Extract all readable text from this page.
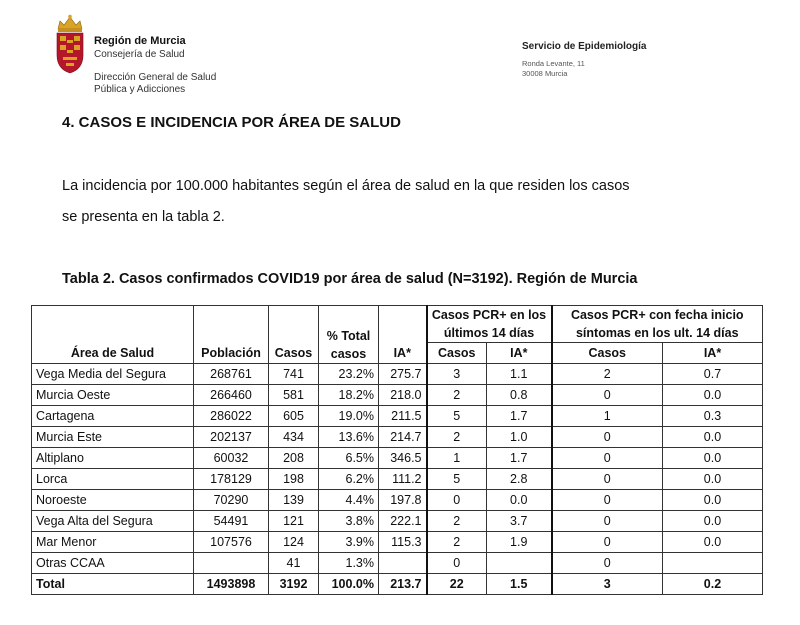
Región de Murcia
Consejería de Salud
Dirección General de Salud
Pública y Adicciones
Servicio de Epidemiología
Ronda Levante, 11
30008 Murcia
4. CASOS E INCIDENCIA POR ÁREA DE SALUD
La incidencia por 100.000 habitantes según el área de salud en la que residen los casos
se presenta en la tabla 2.
Tabla 2. Casos confirmados COVID19 por área de salud (N=3192). Región de Murcia
Área de Salud	Población	Casos	% Total casos	IA*	Casos PCR+ en los últimos 14 días		Casos PCR+ con fecha inicio síntomas en los ult. 14 días	
					Casos	IA*	Casos	IA*
Vega Media del Segura	268761	741	23.2%	275.7	3	1.1	2	0.7
Murcia Oeste	266460	581	18.2%	218.0	2	0.8	0	0.0
Cartagena	286022	605	19.0%	211.5	5	1.7	1	0.3
Murcia Este	202137	434	13.6%	214.7	2	1.0	0	0.0
Altiplano	60032	208	6.5%	346.5	1	1.7	0	0.0
Lorca	178129	198	6.2%	111.2	5	2.8	0	0.0
Noroeste	70290	139	4.4%	197.8	0	0.0	0	0.0
Vega Alta del Segura	54491	121	3.8%	222.1	2	3.7	0	0.0
Mar Menor	107576	124	3.9%	115.3	2	1.9	0	0.0
Otras CCAA		41	1.3%		0		0	
Total	1493898	3192	100.0%	213.7	22	1.5	3	0.2
